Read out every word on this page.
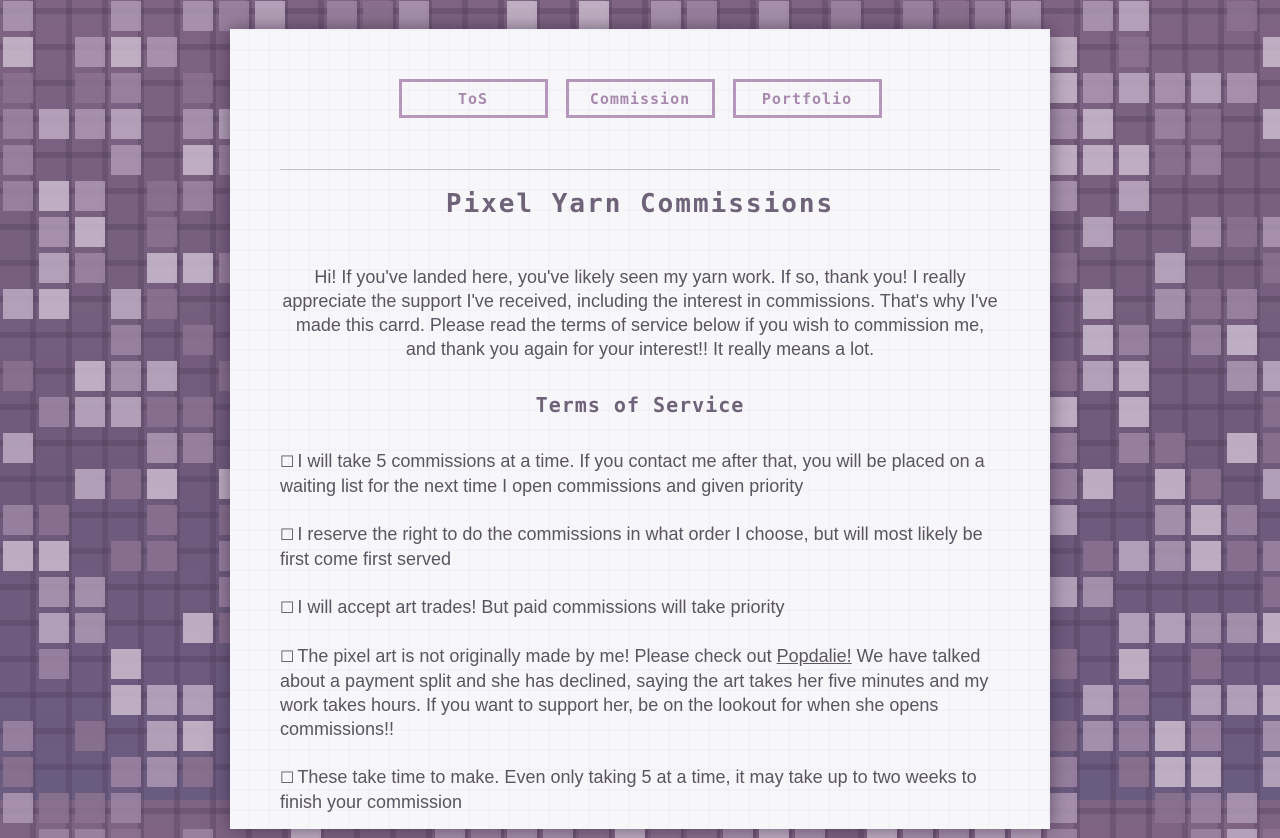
ToS	Commission	Portfolio
Pixel Yarn Commissions
Hi! If you've landed here, you've likely seen my yarn work. If so, thank you! I really appreciate the support I've received, including the interest in commissions. That's why I've made this carrd. Please read the terms of service below if you wish to commission me, and thank you again for your interest!! It really means a lot.
Terms of Service
☐ I will take 5 commissions at a time. If you contact me after that, you will be placed on a waiting list for the next time I open commissions and given priority
☐ I reserve the right to do the commissions in what order I choose, but will most likely be first come first served
☐ I will accept art trades! But paid commissions will take priority
☐ The pixel art is not originally made by me! Please check out Popdalie! We have talked about a payment split and she has declined, saying the art takes her five minutes and my work takes hours. If you want to support her, be on the lookout for when she opens commissions!!
☐ These take time to make. Even only taking 5 at a time, it may take up to two weeks to finish your commission
